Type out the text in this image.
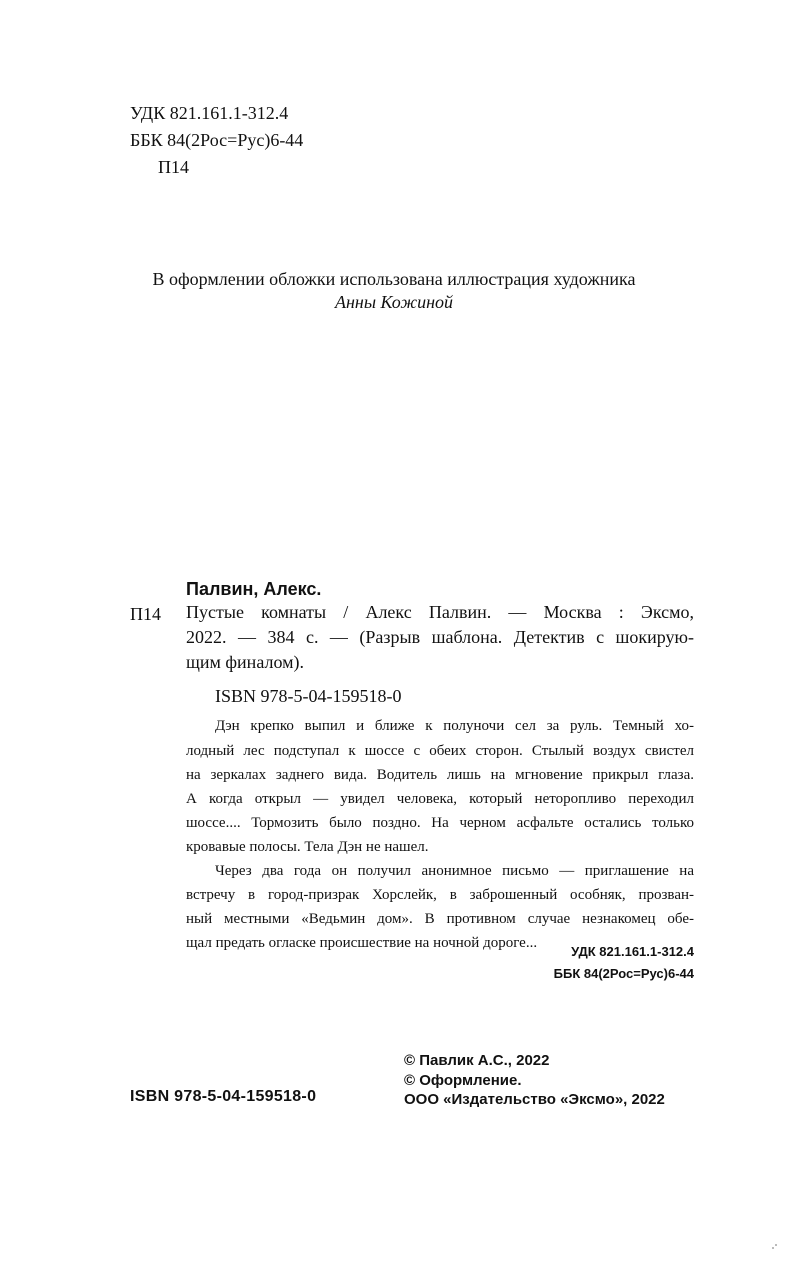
УДК 821.161.1-312.4
ББК 84(2Рос=Рус)6-44
П14
В оформлении обложки использована иллюстрация художника
Анны Кожиной
Палвин, Алекс.
П14 Пустые комнаты / Алекс Палвин. — Москва : Эксмо,
2022. — 384 с. — (Разрыв шаблона. Детектив с шокирую-
щим финалом).
ISBN 978-5-04-159518-0
Дэн крепко выпил и ближе к полуночи сел за руль. Темный хо-
лодный лес подступал к шоссе с обеих сторон. Стылый воздух свистел
на зеркалах заднего вида. Водитель лишь на мгновение прикрыл глаза.
А когда открыл — увидел человека, который неторопливо переходил
шоссе.... Тормозить было поздно. На черном асфальте остались только
кровавые полосы. Тела Дэн не нашел.
Через два года он получил анонимное письмо — приглашение на
встречу в город-призрак Хорслейк, в заброшенный особняк, прозван-
ный местными «Ведьмин дом». В противном случае незнакомец обе-
щал предать огласке происшествие на ночной дороге...
УДК 821.161.1-312.4
ББК 84(2Рос=Рус)6-44
© Павлик А.С., 2022
© Оформление.
ООО «Издательство «Эксмо», 2022
ISBN 978-5-04-159518-0
